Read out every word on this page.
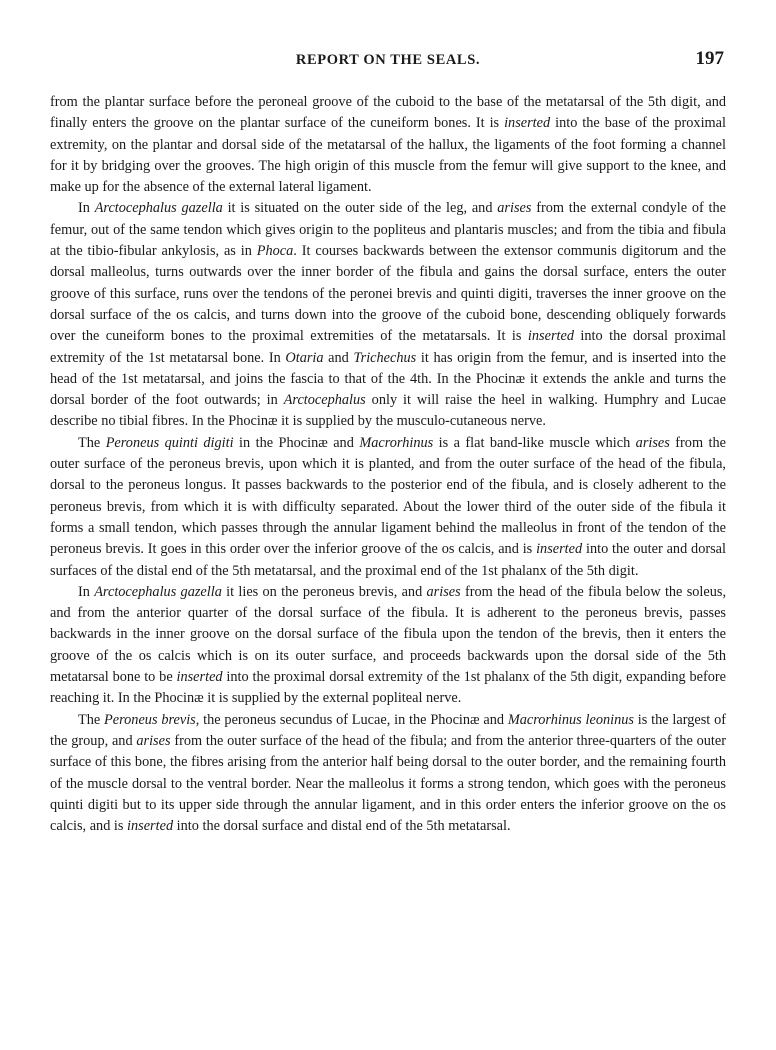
REPORT ON THE SEALS.	197

from the plantar surface before the peroneal groove of the cuboid to the base of the metatarsal of the 5th digit, and finally enters the groove on the plantar surface of the cuneiform bones. It is inserted into the base of the proximal extremity, on the plantar and dorsal side of the metatarsal of the hallux, the ligaments of the foot forming a channel for it by bridging over the grooves. The high origin of this muscle from the femur will give support to the knee, and make up for the absence of the external lateral ligament.

In Arctocephalus gazella it is situated on the outer side of the leg, and arises from the external condyle of the femur, out of the same tendon which gives origin to the popliteus and plantaris muscles; and from the tibia and fibula at the tibio-fibular ankylosis, as in Phoca. It courses backwards between the extensor communis digitorum and the dorsal malleolus, turns outwards over the inner border of the fibula and gains the dorsal surface, enters the outer groove of this surface, runs over the tendons of the peronei brevis and quinti digiti, traverses the inner groove on the dorsal surface of the os calcis, and turns down into the groove of the cuboid bone, descending obliquely forwards over the cuneiform bones to the proximal extremities of the metatarsals. It is inserted into the dorsal proximal extremity of the 1st metatarsal bone. In Otaria and Trichechus it has origin from the femur, and is inserted into the head of the 1st metatarsal, and joins the fascia to that of the 4th. In the Phocinæ it extends the ankle and turns the dorsal border of the foot outwards; in Arctocephalus only it will raise the heel in walking. Humphry and Lucae describe no tibial fibres. In the Phocinæ it is supplied by the musculo-cutaneous nerve.

The Peroneus quinti digiti in the Phocinæ and Macrorhinus is a flat band-like muscle which arises from the outer surface of the peroneus brevis, upon which it is planted, and from the outer surface of the head of the fibula, dorsal to the peroneus longus. It passes backwards to the posterior end of the fibula, and is closely adherent to the peroneus brevis, from which it is with difficulty separated. About the lower third of the outer side of the fibula it forms a small tendon, which passes through the annular ligament behind the malleolus in front of the tendon of the peroneus brevis. It goes in this order over the inferior groove of the os calcis, and is inserted into the outer and dorsal surfaces of the distal end of the 5th metatarsal, and the proximal end of the 1st phalanx of the 5th digit.

In Arctocephalus gazella it lies on the peroneus brevis, and arises from the head of the fibula below the soleus, and from the anterior quarter of the dorsal surface of the fibula. It is adherent to the peroneus brevis, passes backwards in the inner groove on the dorsal surface of the fibula upon the tendon of the brevis, then it enters the groove of the os calcis which is on its outer surface, and proceeds backwards upon the dorsal side of the 5th metatarsal bone to be inserted into the proximal dorsal extremity of the 1st phalanx of the 5th digit, expanding before reaching it. In the Phocinæ it is supplied by the external popliteal nerve.

The Peroneus brevis, the peroneus secundus of Lucae, in the Phocinæ and Macrorhinus leoninus is the largest of the group, and arises from the outer surface of the head of the fibula; and from the anterior three-quarters of the outer surface of this bone, the fibres arising from the anterior half being dorsal to the outer border, and the remaining fourth of the muscle dorsal to the ventral border. Near the malleolus it forms a strong tendon, which goes with the peroneus quinti digiti but to its upper side through the annular ligament, and in this order enters the inferior groove on the os calcis, and is inserted into the dorsal surface and distal end of the 5th metatarsal.
